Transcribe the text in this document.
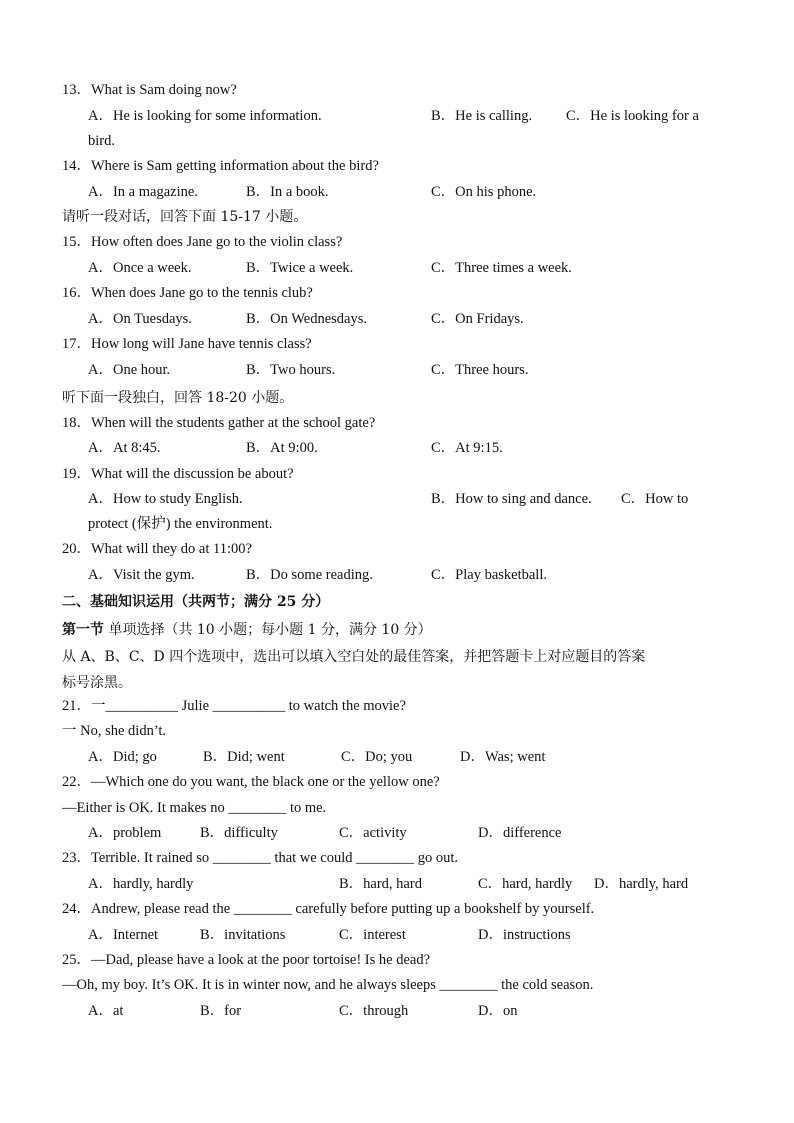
13．What is Sam doing now?
A．He is looking for some information.	B．He is calling. C．He is looking for a
bird.
14．Where is Sam getting information about the bird?
A．In a magazine.	B．In a book.	C．On his phone.
请听一段对话，回答下面 15-17 小题。
15．How often does Jane go to the violin class?
A．Once a week.	B．Twice a week.	C．Three times a week.
16．When does Jane go to the tennis club?
A．On Tuesdays.	B．On Wednesdays.	C．On Fridays.
17．How long will Jane have tennis class?
A．One hour.	B．Two hours.	C．Three hours.
听下面一段独白，回答 18-20 小题。
18．When will the students gather at the school gate?
A．At 8:45.	B．At 9:00.	C．At 9:15.
19．What will the discussion be about?
A．How to study English.	B．How to sing and dance. C．How to
protect (保护) the environment.
20．What will they do at 11:00?
A．Visit the gym.	B．Do some reading.	C．Play basketball.
二、基础知识运用（共两节；满分 25 分）
第一节 单项选择（共 10 小题；每小题 1 分，满分 10 分）
从 A、B、C、D 四个选项中，选出可以填入空白处的最佳答案，并把答题卡上对应题目的答案
标号涂黑。
21．一__________ Julie __________ to watch the movie?
一 No, she didn’t.
A．Did; go	B．Did; went	C．Do; you	D．Was; went
22．—Which one do you want, the black one or the yellow one?
—Either is OK. It makes no ________ to me.
A．problem	B．difficulty	C．activity	D．difference
23．Terrible. It rained so ________ that we could ________ go out.
A．hardly, hardly	B．hard, hard	C．hard, hardly D．hardly, hard
24．Andrew, please read the ________ carefully before putting up a bookshelf by yourself.
A．Internet	B．invitations	C．interest	D．instructions
25．—Dad, please have a look at the poor tortoise! Is he dead?
—Oh, my boy. It’s OK. It is in winter now, and he always sleeps ________ the cold season.
A．at	B．for	C．through	D．on
